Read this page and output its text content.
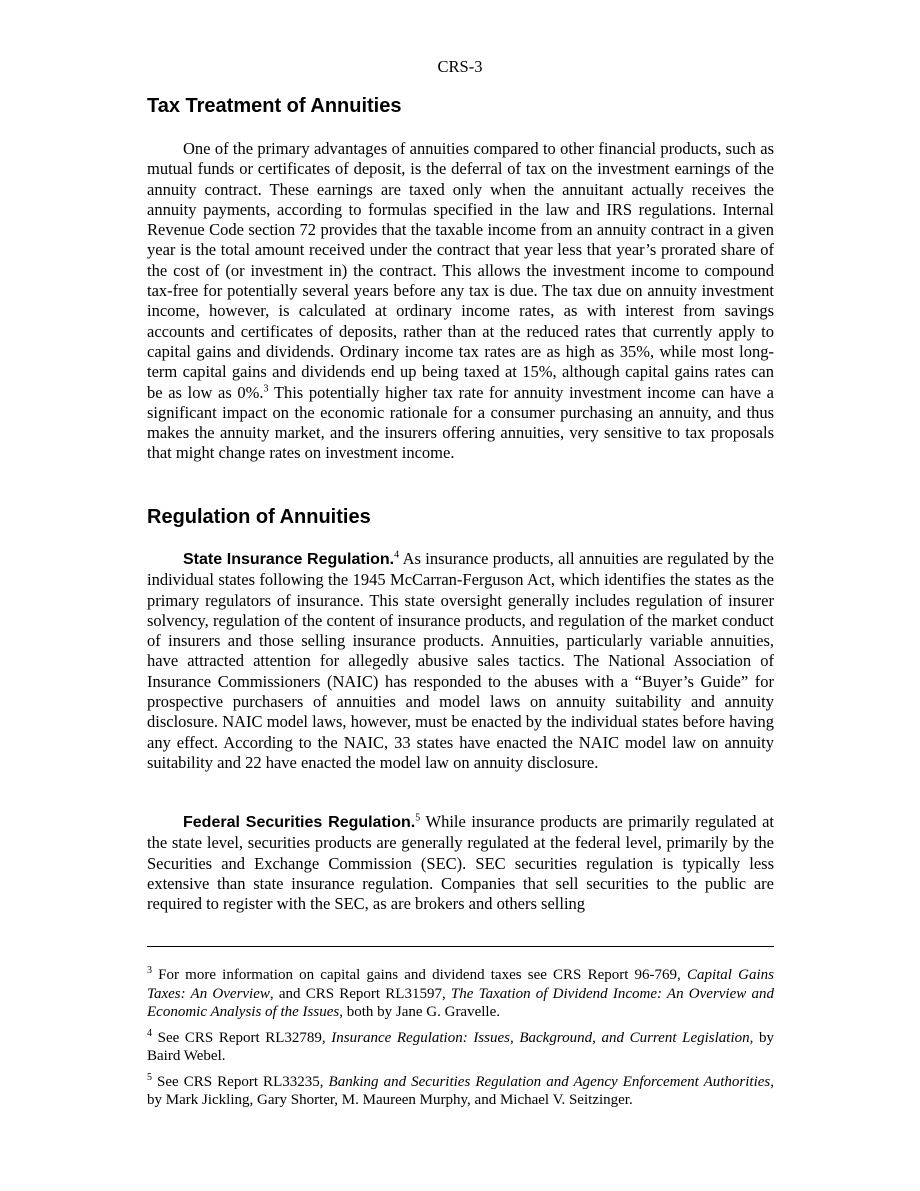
CRS-3
Tax Treatment of Annuities

One of the primary advantages of annuities compared to other financial products, such as mutual funds or certificates of deposit, is the deferral of tax on the investment earnings of the annuity contract. These earnings are taxed only when the annuitant actually receives the annuity payments, according to formulas specified in the law and IRS regulations. Internal Revenue Code section 72 provides that the taxable income from an annuity contract in a given year is the total amount received under the contract that year less that year’s prorated share of the cost of (or investment in) the contract. This allows the investment income to compound tax-free for potentially several years before any tax is due. The tax due on annuity investment income, however, is calculated at ordinary income rates, as with interest from savings accounts and certificates of deposits, rather than at the reduced rates that currently apply to capital gains and dividends. Ordinary income tax rates are as high as 35%, while most long-term capital gains and dividends end up being taxed at 15%, although capital gains rates can be as low as 0%.$^3$ This potentially higher tax rate for annuity investment income can have a significant impact on the economic rationale for a consumer purchasing an annuity, and thus makes the annuity market, and the insurers offering annuities, very sensitive to tax proposals that might change rates on investment income.

Regulation of Annuities

State Insurance Regulation.$^4$ As insurance products, all annuities are regulated by the individual states following the 1945 McCarran-Ferguson Act, which identifies the states as the primary regulators of insurance. This state oversight generally includes regulation of insurer solvency, regulation of the content of insurance products, and regulation of the market conduct of insurers and those selling insurance products. Annuities, particularly variable annuities, have attracted attention for allegedly abusive sales tactics. The National Association of Insurance Commissioners (NAIC) has responded to the abuses with a “Buyer’s Guide” for prospective purchasers of annuities and model laws on annuity suitability and annuity disclosure. NAIC model laws, however, must be enacted by the individual states before having any effect. According to the NAIC, 33 states have enacted the NAIC model law on annuity suitability and 22 have enacted the model law on annuity disclosure.

Federal Securities Regulation.$^5$ While insurance products are primarily regulated at the state level, securities products are generally regulated at the federal level, primarily by the Securities and Exchange Commission (SEC). SEC securities regulation is typically less extensive than state insurance regulation. Companies that sell securities to the public are required to register with the SEC, as are brokers and others selling

$^3$ For more information on capital gains and dividend taxes see CRS Report 96-769, Capital Gains Taxes: An Overview, and CRS Report RL31597, The Taxation of Dividend Income: An Overview and Economic Analysis of the Issues, both by Jane G. Gravelle.

$^4$ See CRS Report RL32789, Insurance Regulation: Issues, Background, and Current Legislation, by Baird Webel.

$^5$ See CRS Report RL33235, Banking and Securities Regulation and Agency Enforcement Authorities, by Mark Jickling, Gary Shorter, M. Maureen Murphy, and Michael V. Seitzinger.
